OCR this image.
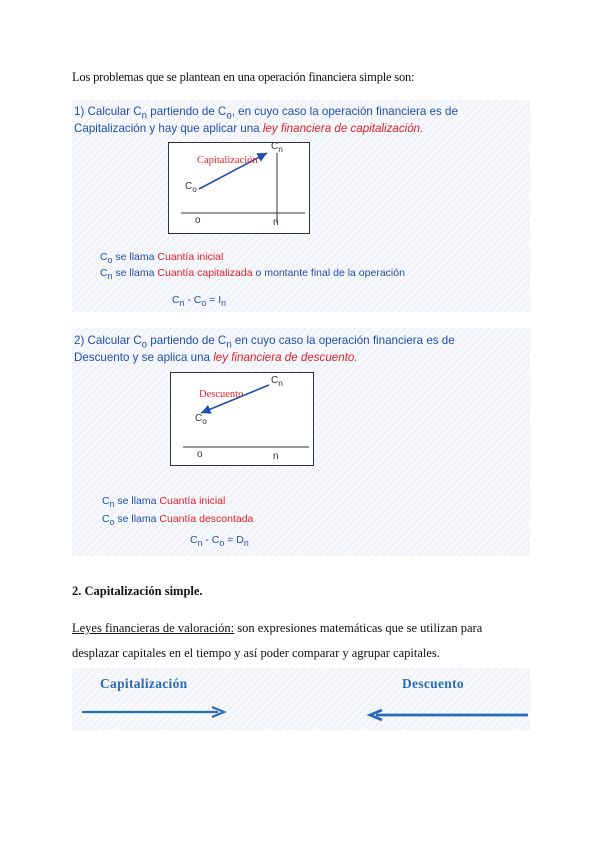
Los problemas que se plantean en una operación financiera simple son:
1) Calcular $C_n$ partiendo de $C_o$, en cuyo caso la operación financiera es de
Capitalización y hay que aplicar una ley financiera de capitalización.
Capitalización
$C_o$
$C_n$
o	n
$C_o$ se llama Cuantía inicial
$C_n$ se llama Cuantía capitalizada o montante final de la operación
$C_n - C_o = I_n$
2) Calcular $C_o$ partiendo de $C_n$ en cuyo caso la operación financiera es de
Descuento y se aplica una ley financiera de descuento.
Descuento
$C_o$
$C_n$
o	n
$C_n$ se llama Cuantía inicial
$C_o$ se llama Cuantía descontada
$C_n - C_o = D_n$
2. Capitalización simple.
Leyes financieras de valoración: son expresiones matemáticas que se utilizan para desplazar capitales en el tiempo y así poder comparar y agrupar capitales.
Capitalización	Descuento
